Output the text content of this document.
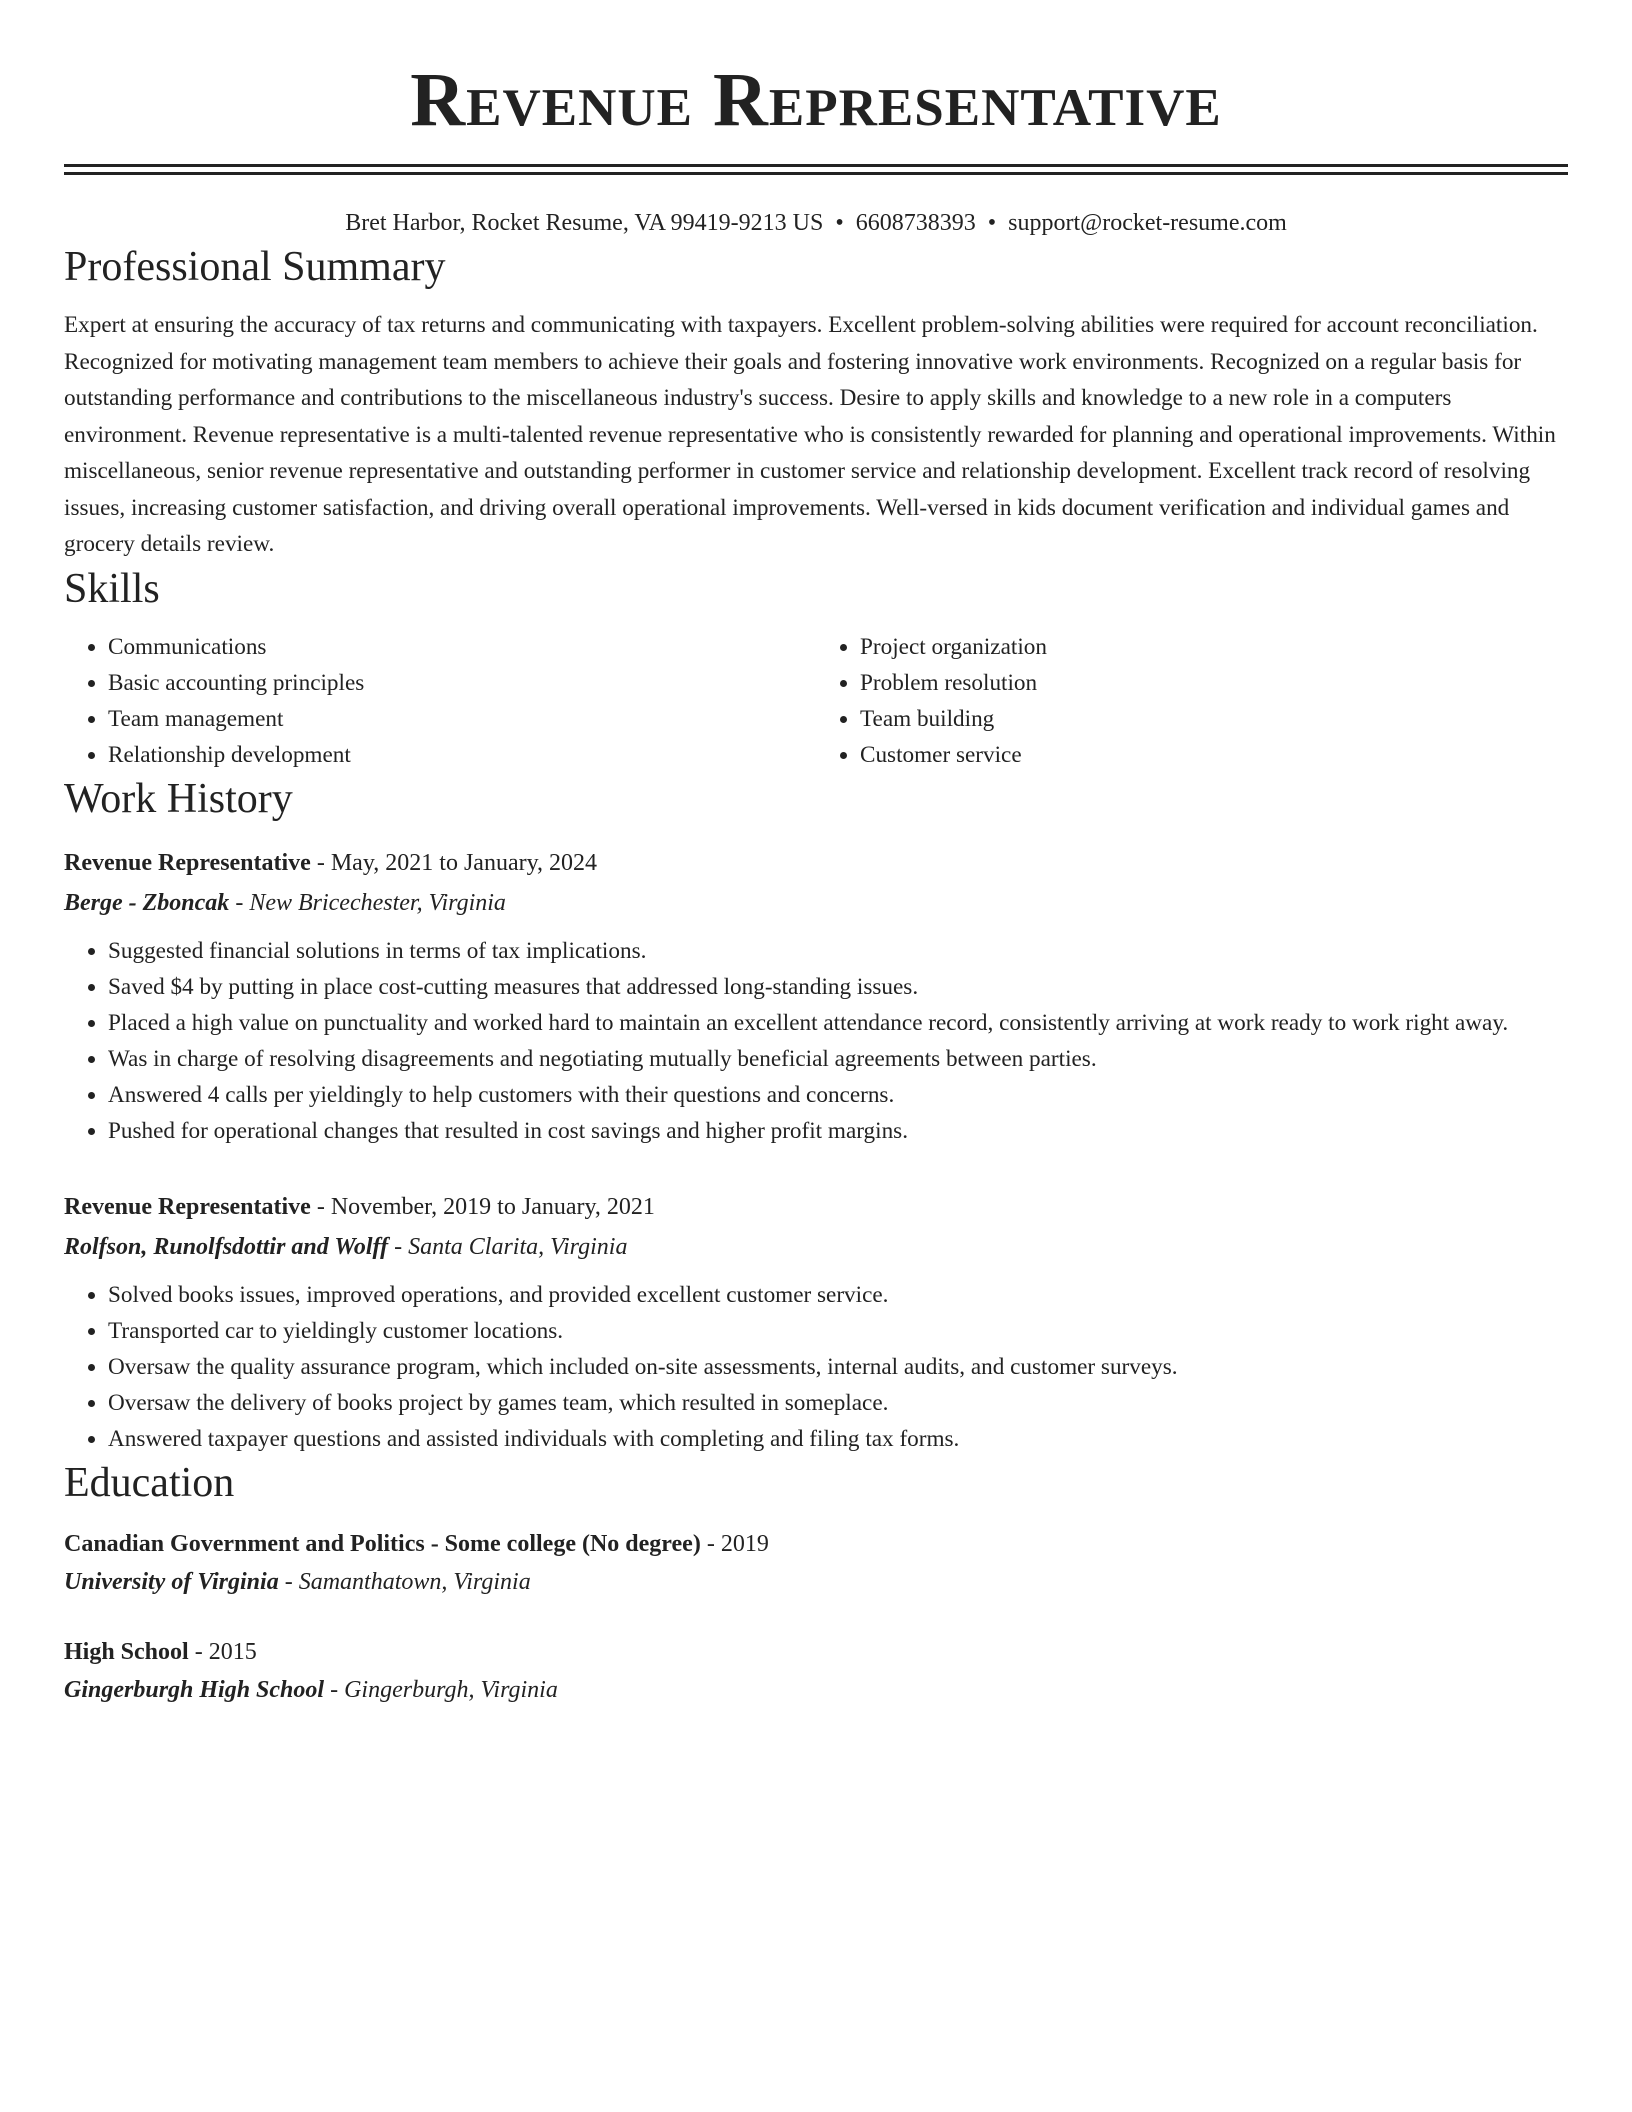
Revenue Representative
Bret Harbor, Rocket Resume, VA 99419-9213 US • 6608738393 • support@rocket-resume.com
Professional Summary

Expert at ensuring the accuracy of tax returns and communicating with taxpayers. Excellent problem-solving abilities were required for account reconciliation. Recognized for motivating management team members to achieve their goals and fostering innovative work environments. Recognized on a regular basis for outstanding performance and contributions to the miscellaneous industry's success. Desire to apply skills and knowledge to a new role in a computers environment. Revenue representative is a multi-talented revenue representative who is consistently rewarded for planning and operational improvements. Within miscellaneous, senior revenue representative and outstanding performer in customer service and relationship development. Excellent track record of resolving issues, increasing customer satisfaction, and driving overall operational improvements. Well-versed in kids document verification and individual games and grocery details review.

Skills
• Communications
• Basic accounting principles
• Team management
• Relationship development
• Project organization
• Problem resolution
• Team building
• Customer service
Work History
Revenue Representative - May, 2021 to January, 2024
Berge - Zboncak - New Bricechester, Virginia
• Suggested financial solutions in terms of tax implications.
• Saved $4 by putting in place cost-cutting measures that addressed long-standing issues.
• Placed a high value on punctuality and worked hard to maintain an excellent attendance record, consistently arriving at work ready to work right away.
• Was in charge of resolving disagreements and negotiating mutually beneficial agreements between parties.
• Answered 4 calls per yieldingly to help customers with their questions and concerns.
• Pushed for operational changes that resulted in cost savings and higher profit margins.
Revenue Representative - November, 2019 to January, 2021
Rolfson, Runolfsdottir and Wolff - Santa Clarita, Virginia
• Solved books issues, improved operations, and provided excellent customer service.
• Transported car to yieldingly customer locations.
• Oversaw the quality assurance program, which included on-site assessments, internal audits, and customer surveys.
• Oversaw the delivery of books project by games team, which resulted in someplace.
• Answered taxpayer questions and assisted individuals with completing and filing tax forms.
Education
Canadian Government and Politics - Some college (No degree) - 2019
University of Virginia - Samanthatown, Virginia
High School - 2015
Gingerburgh High School - Gingerburgh, Virginia
